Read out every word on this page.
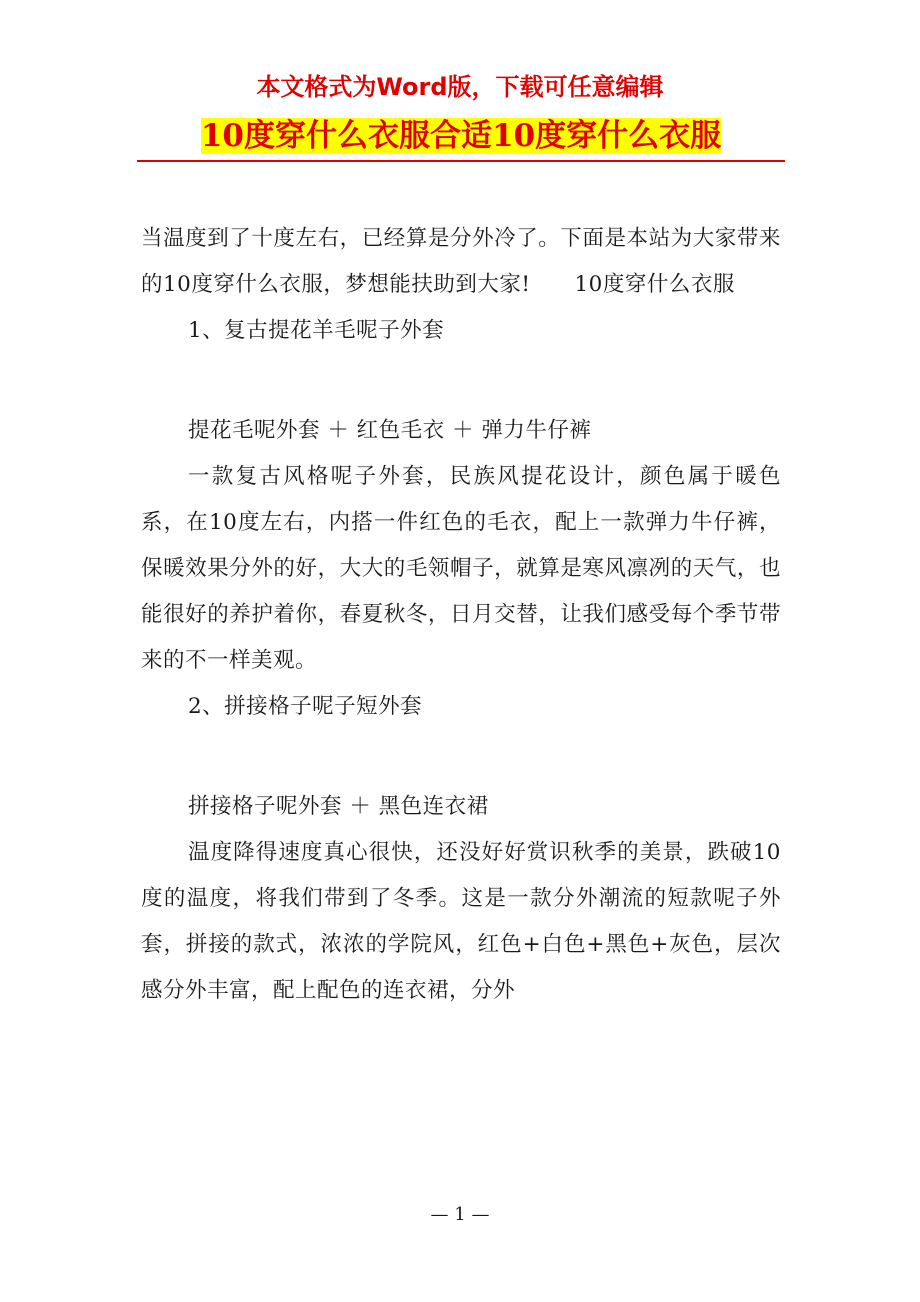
本文格式为Word版，下载可任意编辑
10度穿什么衣服合适10度穿什么衣服

当温度到了十度左右，已经算是分外冷了。下面是本站为大家带来的10度穿什么衣服，梦想能扶助到大家!　　10度穿什么衣服

1、复古提花羊毛呢子外套

提花毛呢外套 ＋ 红色毛衣 ＋ 弹力牛仔裤

一款复古风格呢子外套，民族风提花设计，颜色属于暖色系，在10度左右，内搭一件红色的毛衣，配上一款弹力牛仔裤，保暖效果分外的好，大大的毛领帽子，就算是寒风凛冽的天气，也能很好的养护着你，春夏秋冬，日月交替，让我们感受每个季节带来的不一样美观。

2、拼接格子呢子短外套

拼接格子呢外套 ＋ 黑色连衣裙

温度降得速度真心很快，还没好好赏识秋季的美景，跌破10度的温度，将我们带到了冬季。这是一款分外潮流的短款呢子外套，拼接的款式，浓浓的学院风，红色+白色+黑色+灰色，层次感分外丰富，配上配色的连衣裙，分外

— 1 —
